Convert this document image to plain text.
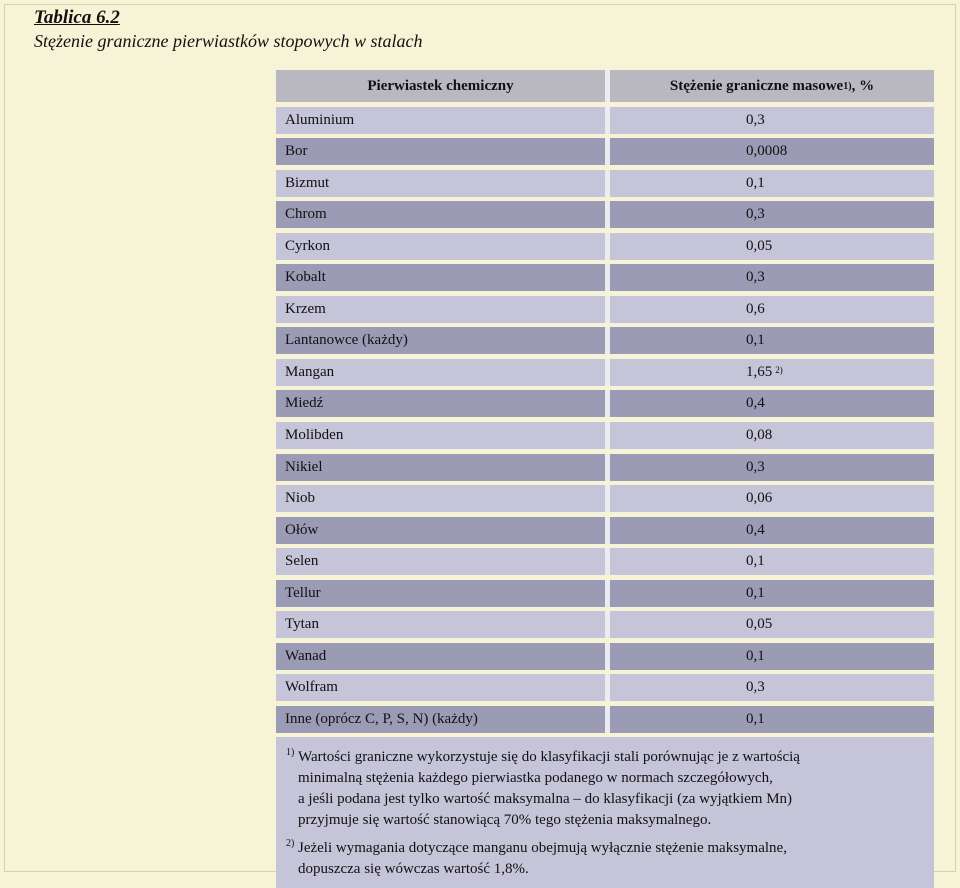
Tablica 6.2
Stężenie graniczne pierwiastków stopowych w stalach
Pierwiastek chemiczny	Stężenie graniczne masowe 1) , %
Aluminium	0,3
Bor	0,0008
Bizmut	0,1
Chrom	0,3
Cyrkon	0,05
Kobalt	0,3
Krzem	0,6
Lantanowce (każdy)	0,1
Mangan	1,65 $^{2)}$
Miedź	0,4
Molibden	0,08
Nikiel	0,3
Niob	0,06
Ołów	0,4
Selen	0,1
Tellur	0,1
Tytan	0,05
Wanad	0,1
Wolfram	0,3
Inne (oprócz C, P, S, N) (każdy)	0,1
1) Wartości graniczne wykorzystuje się do klasyfikacji stali porównując je z wartością
minimalną stężenia każdego pierwiastka podanego w normach szczegółowych,
a jeśli podana jest tylko wartość maksymalna – do klasyfikacji (za wyjątkiem Mn)
przyjmuje się wartość stanowiącą 70% tego stężenia maksymalnego.
2) Jeżeli wymagania dotyczące manganu obejmują wyłącznie stężenie maksymalne,
dopuszcza się wówczas wartość 1,8%.
